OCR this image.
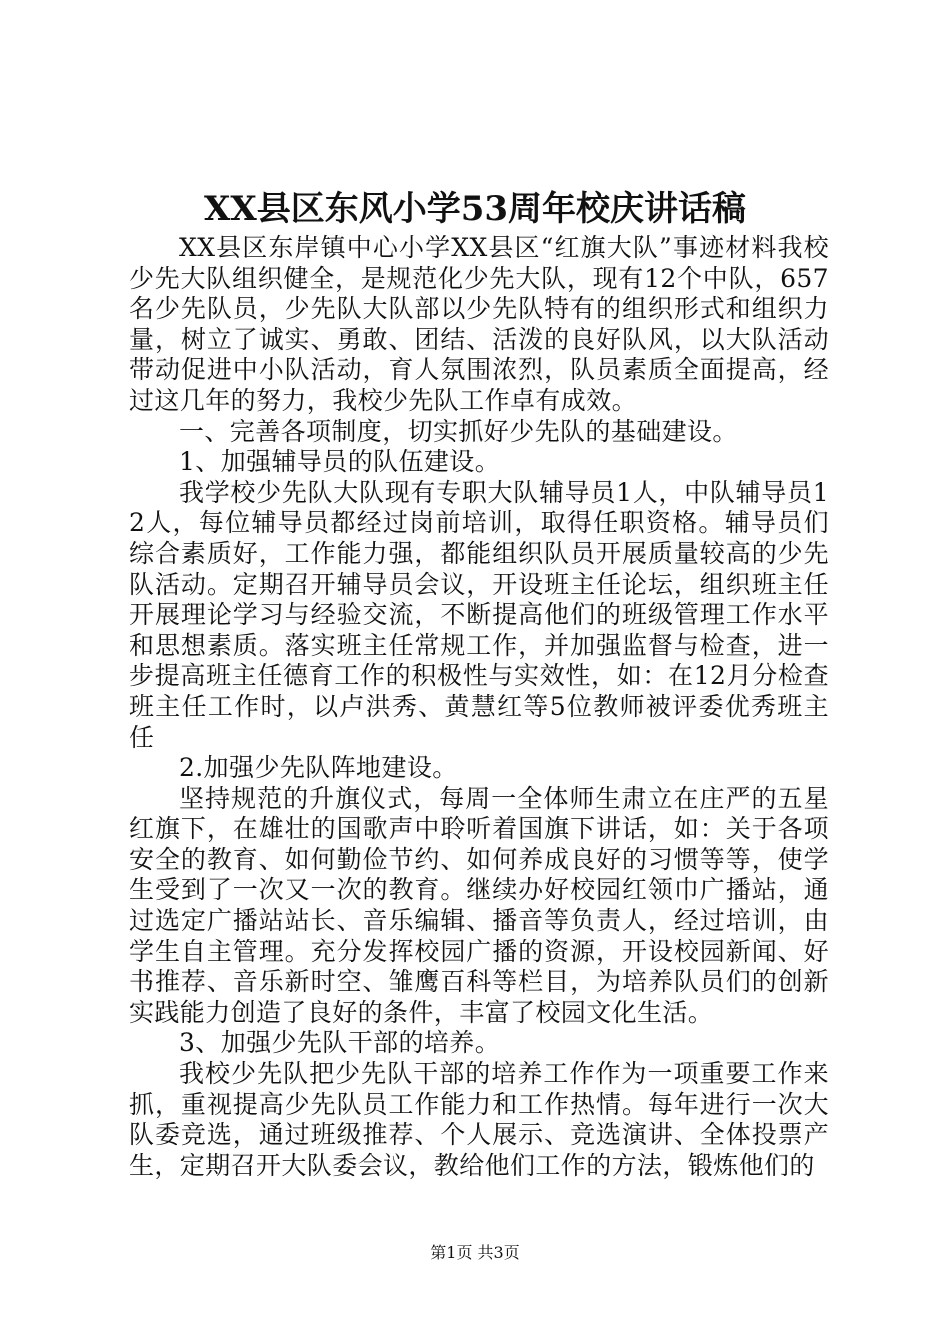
XX县区东风小学53周年校庆讲话稿

XX县区东岸镇中心小学XX县区“红旗大队”事迹材料我校少先大队组织健全，是规范化少先大队，现有12个中队，657名少先队员，少先队大队部以少先队特有的组织形式和组织力量，树立了诚实、勇敢、团结、活泼的良好队风，以大队活动带动促进中小队活动，育人氛围浓烈，队员素质全面提高，经过这几年的努力，我校少先队工作卓有成效。

一、完善各项制度，切实抓好少先队的基础建设。

1、加强辅导员的队伍建设。

我学校少先队大队现有专职大队辅导员1人，中队辅导员12人，每位辅导员都经过岗前培训，取得任职资格。辅导员们综合素质好，工作能力强，都能组织队员开展质量较高的少先队活动。定期召开辅导员会议，开设班主任论坛，组织班主任开展理论学习与经验交流，不断提高他们的班级管理工作水平和思想素质。落实班主任常规工作，并加强监督与检查，进一步提高班主任德育工作的积极性与实效性，如：在12月分检查班主任工作时，以卢洪秀、黄慧红等5位教师被评委优秀班主任

2.加强少先队阵地建设。

坚持规范的升旗仪式，每周一全体师生肃立在庄严的五星红旗下，在雄壮的国歌声中聆听着国旗下讲话，如：关于各项安全的教育、如何勤俭节约、如何养成良好的习惯等等，使学生受到了一次又一次的教育。继续办好校园红领巾广播站，通过选定广播站站长、音乐编辑、播音等负责人，经过培训，由学生自主管理。充分发挥校园广播的资源，开设校园新闻、好书推荐、音乐新时空、雏鹰百科等栏目，为培养队员们的创新实践能力创造了良好的条件，丰富了校园文化生活。

3、加强少先队干部的培养。

我校少先队把少先队干部的培养工作作为一项重要工作来抓，重视提高少先队员工作能力和工作热情。每年进行一次大队委竞选，通过班级推荐、个人展示、竞选演讲、全体投票产生，定期召开大队委会议，教给他们工作的方法，锻炼他们的

第1页 共3页
